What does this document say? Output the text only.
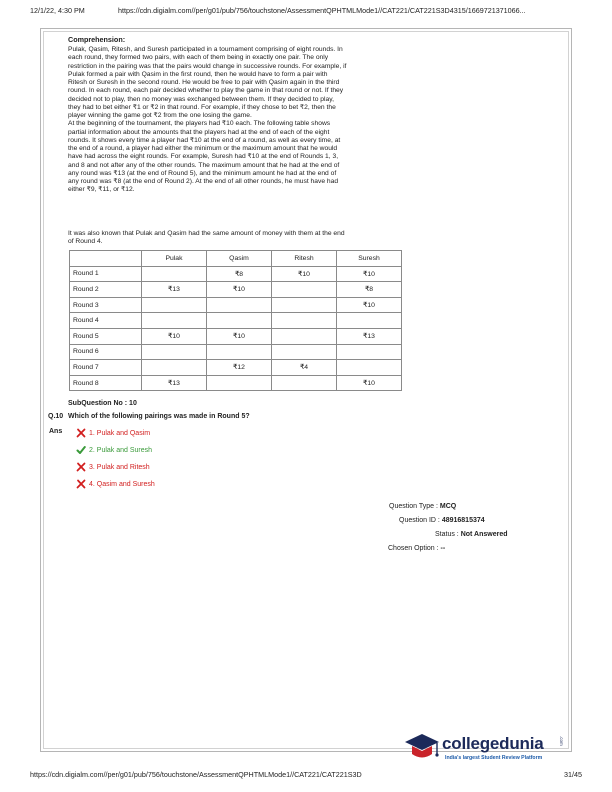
12/1/22, 4:30 PM	https://cdn.digialm.com//per/g01/pub/756/touchstone/AssessmentQPHTMLMode1//CAT221/CAT221S3D4315/16697213710​66...
Comprehension:
Pulak, Qasim, Ritesh, and Suresh participated in a tournament comprising of eight rounds. In
each round, they formed two pairs, with each of them being in exactly one pair. The only
restriction in the pairing was that the pairs would change in successive rounds. For example, if
Pulak formed a pair with Qasim in the first round, then he would have to form a pair with
Ritesh or Suresh in the second round. He would be free to pair with Qasim again in the third
round. In each round, each pair decided whether to play the game in that round or not. If they
decided not to play, then no money was exchanged between them. If they decided to play,
they had to bet either ₹1 or ₹2 in that round. For example, if they chose to bet ₹2, then the
player winning the game got ₹2 from the one losing the game.
At the beginning of the tournament, the players had ₹10 each. The following table shows
partial information about the amounts that the players had at the end of each of the eight
rounds. It shows every time a player had ₹10 at the end of a round, as well as every time, at
the end of a round, a player had either the minimum or the maximum amount that he would
have had across the eight rounds. For example, Suresh had ₹10 at the end of Rounds 1, 3,
and 8 and not after any of the other rounds. The maximum amount that he had at the end of
any round was ₹13 (at the end of Round 5), and the minimum amount he had at the end of
any round was ₹8 (at the end of Round 2). At the end of all other rounds, he must have had
either ₹9, ₹11, or ₹12.
It was also known that Pulak and Qasim had the same amount of money with them at the end
of Round 4.
	Pulak	Qasim	Ritesh	Suresh
Round 1		₹8	₹10	₹10
Round 2	₹13	₹10		₹8
Round 3				₹10
Round 4				
Round 5	₹10	₹10		₹13
Round 6				
Round 7		₹12	₹4	
Round 8	₹13			₹10
SubQuestion No : 10
Q.10 Which of the following pairings was made in Round 5?
Ans	1. Pulak and Qasim
2. Pulak and Suresh
3. Pulak and Ritesh
4. Qasim and Suresh
Question Type : MCQ
Question ID : 48916815374
Status : Not Answered
Chosen Option : --
collegedunia
India's largest Student Review Platform
.com
https://cdn.digialm.com//per/g01/pub/756/touchstone/AssessmentQPHTMLMode1//CAT221/CAT221S3D	31/45
